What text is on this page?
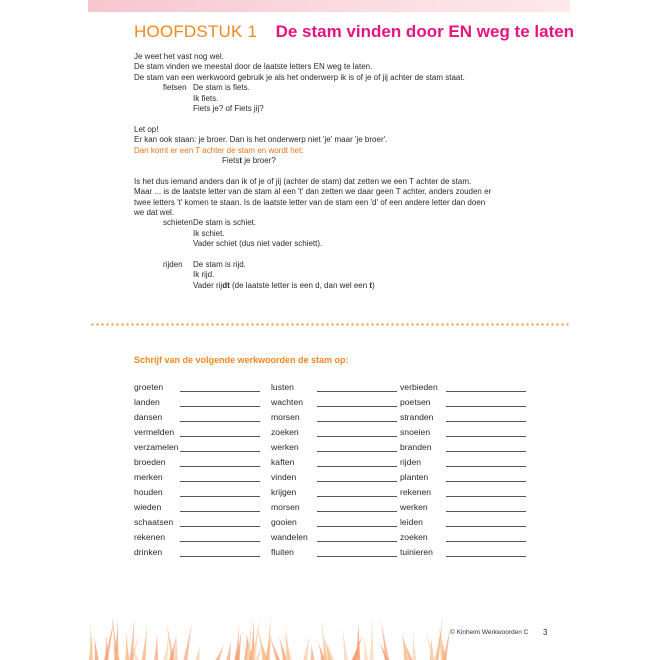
HOOFDSTUK 1 De stam vinden door EN weg te laten

Je weet het vast nog wel.

De stam vinden we meestal door de laatste letters EN weg te laten.

De stam van een werkwoord gebruik je als het onderwerp ik is of je of jij achter de stam staat.

fietsen De stam is fiets.

Ik fiets.

Fiets je? of Fiets jij?

Let op!

Er kan ook staan: je broer. Dan is het onderwerp niet 'je' maar 'je broer'.

Dan komt er een T achter de stam en wordt het:

Fietst je broer?

Is het dus iemand anders dan ik of je of jij (achter de stam) dat zetten we een T achter de stam.

Maar ... is de laatste letter van de stam al een 't' dan zetten we daar geen T achter, anders zouden er

twee letters 't' komen te staan. Is de laatste letter van de stam een 'd' of een andere letter dan doen

we dat wel.

schieten De stam is schiet.

Ik schiet.

Vader schiet (dus niet vader schiett).

rijden	De stam is rijd.

Ik rijd.

Vader rijdt (de laatste letter is een d, dan wel een t)

Schrijf van de volgende werkwoorden de stam op:
groeten
landen
dansen
vermelden
verzamelen
broeden
merken
houden
wieden
schaatsen
rekenen
drinken
lusten
wachten
morsen
zoeken
werken
kaften
vinden
krijgen
morsen
gooien
wandelen
fluiten
verbieden
poetsen
stranden
snoeien
branden
rijden
planten
rekenen
werken
leiden
zoeken
tuinieren
© Kinheim Werkwoorden C 3
